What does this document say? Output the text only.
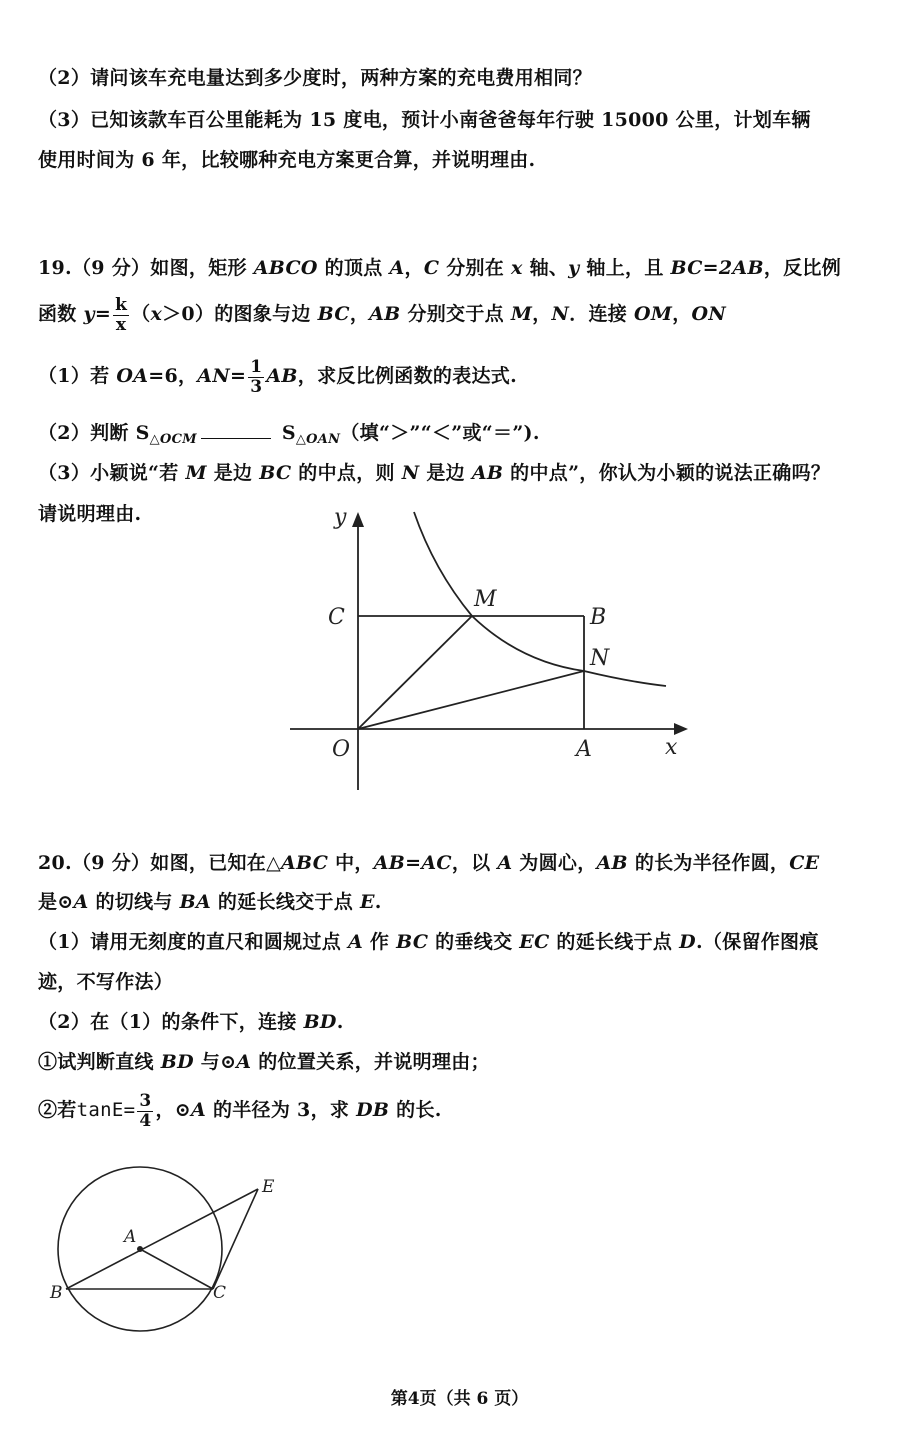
（2）请问该车充电量达到多少度时，两种方案的充电费用相同？
（3）已知该款车百公里能耗为 15 度电，预计小南爸爸每年行驶 15000 公里，计划车辆
使用时间为 6 年，比较哪种充电方案更合算，并说明理由.
19.（9 分）如图，矩形 ABCO 的顶点 A，C 分别在 x 轴、y 轴上，且 BC=2AB，反比例
函数 $y= \frac{k}{x} (x>0)$的图象与边 BC，AB 分别交于点 M，N．连接 OM，ON
（1）若 OA=6，$AN= \frac{1}{3}$ AB，求反比例函数的表达式.
（2）判断 $S_{\triangle OCM}$	$S_{\triangle OAN}$（填“＞”“＜”或“＝”).
（3）小颖说“若 M 是边 BC 的中点，则 N 是边 AB 的中点”，你认为小颖的说法正确吗？
请说明理由.	y
x
C	B
M
N
O	A
20.（9 分）如图，已知在△ABC 中，AB=AC，以 A 为圆心，AB 的长为半径作圆，CE
是⊙A 的切线与 BA 的延长线交于点 E.
（1）请用无刻度的直尺和圆规过点 A 作 BC 的垂线交 EC 的延长线于点 D.（保留作图痕
迹，不写作法）
（2）在（1）的条件下，连接 BD.
①试判断直线 BD 与⊙A 的位置关系，并说明理由；
②若$\tan E= \frac{3}{4}$ ，⊙A 的半径为 3，求 DB 的长.
A
B	C
E
第4页（共 6 页）
